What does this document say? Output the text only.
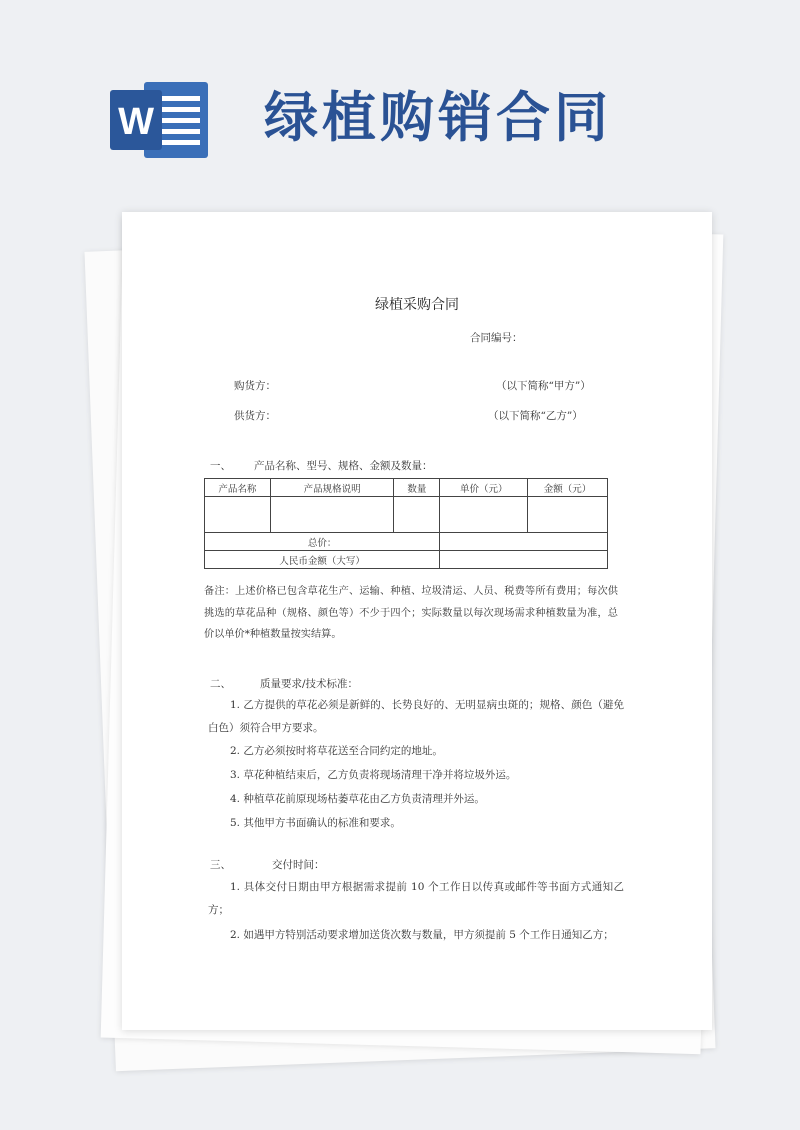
W 绿植购销合同
绿植采购合同
合同编号：
购货方：	（以下简称“甲方”）
供货方：	（以下简称“乙方”）
一、 产品名称、型号、规格、金额及数量：
产品名称	产品规格说明	数量	单价（元）	金额（元）

总价：				
人民币金额（大写）				
备注：上述价格已包含草花生产、运输、种植、垃圾清运、人员、税费等所有费用；每次供挑选的草花品种（规格、颜色等）不少于四个；实际数量以每次现场需求种植数量为准，总价以单价*种植数量按实结算。
二、	质量要求/技术标准：
1. 乙方提供的草花必须是新鲜的、长势良好的、无明显病虫斑的；规格、颜色（避免白色）须符合甲方要求。
2. 乙方必须按时将草花送至合同约定的地址。
3. 草花种植结束后，乙方负责将现场清理干净并将垃圾外运。
4. 种植草花前原现场枯萎草花由乙方负责清理并外运。
5. 其他甲方书面确认的标准和要求。
三、	交付时间：
1. 具体交付日期由甲方根据需求提前 10 个工作日以传真或邮件等书面方式通知乙方；
2. 如遇甲方特别活动要求增加送货次数与数量，甲方须提前 5 个工作日通知乙方；
